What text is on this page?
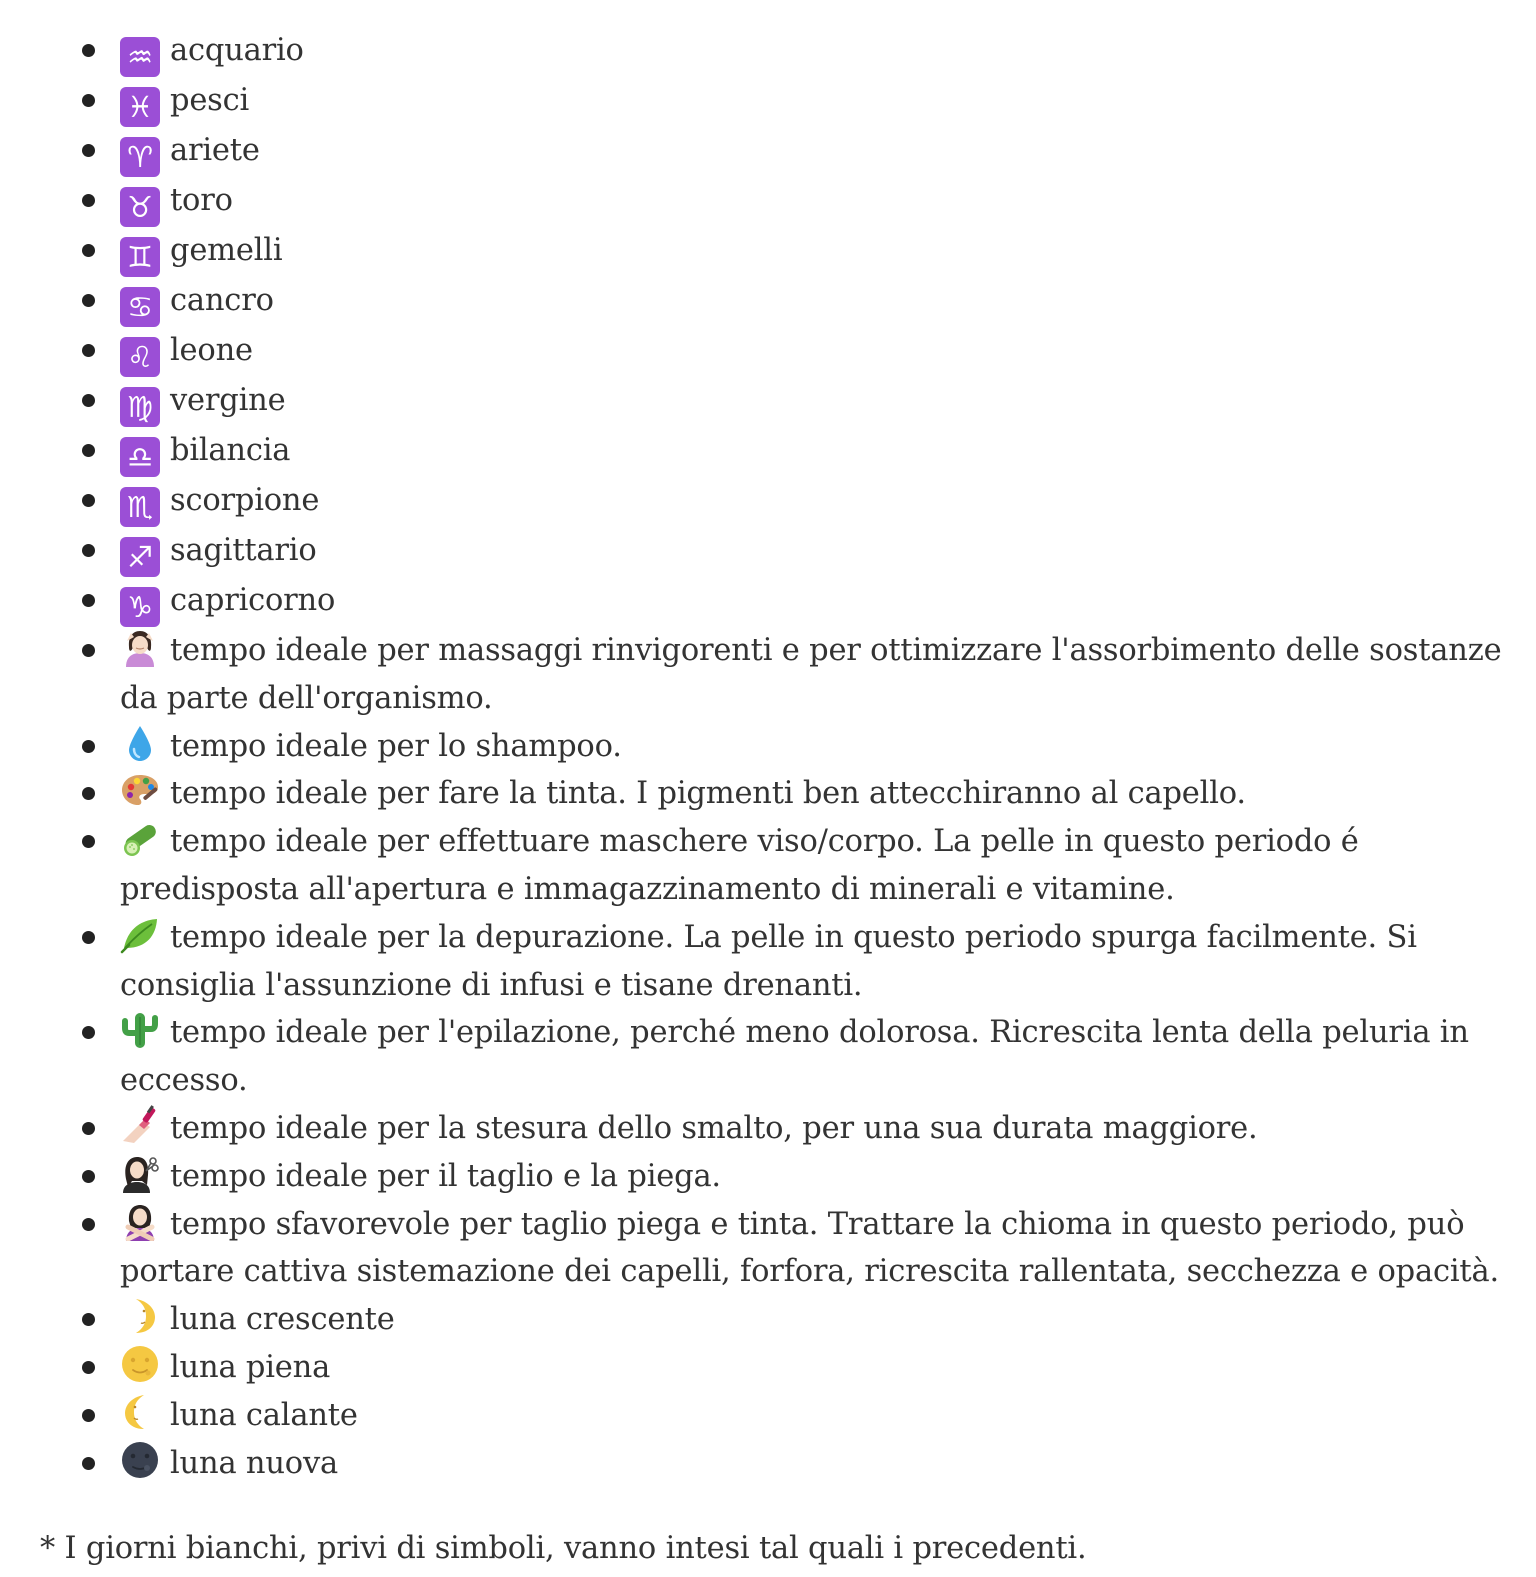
♒ acquario
♓ pesci
♈ ariete
♉ toro
♊ gemelli
♋ cancro
♌ leone
♍ vergine
♎ bilancia
♏ scorpione
♐ sagittario
♑ capricorno
tempo ideale per massaggi rinvigorenti e per ottimizzare l'assorbimento delle sostanze da parte dell'organismo.
tempo ideale per lo shampoo.
tempo ideale per fare la tinta. I pigmenti ben attecchiranno al capello.
tempo ideale per effettuare maschere viso/corpo. La pelle in questo periodo é predisposta all'apertura e immagazzinamento di minerali e vitamine.
tempo ideale per la depurazione. La pelle in questo periodo spurga facilmente. Si consiglia l'assunzione di infusi e tisane drenanti.
tempo ideale per l'epilazione, perché meno dolorosa. Ricrescita lenta della peluria in eccesso.
tempo ideale per la stesura dello smalto, per una sua durata maggiore.
tempo ideale per il taglio e la piega.
tempo sfavorevole per taglio piega e tinta. Trattare la chioma in questo periodo, può portare cattiva sistemazione dei capelli, forfora, ricrescita rallentata, secchezza e opacità.
luna crescente
luna piena
luna calante
luna nuova

* I giorni bianchi, privi di simboli, vanno intesi tal quali i precedenti.
